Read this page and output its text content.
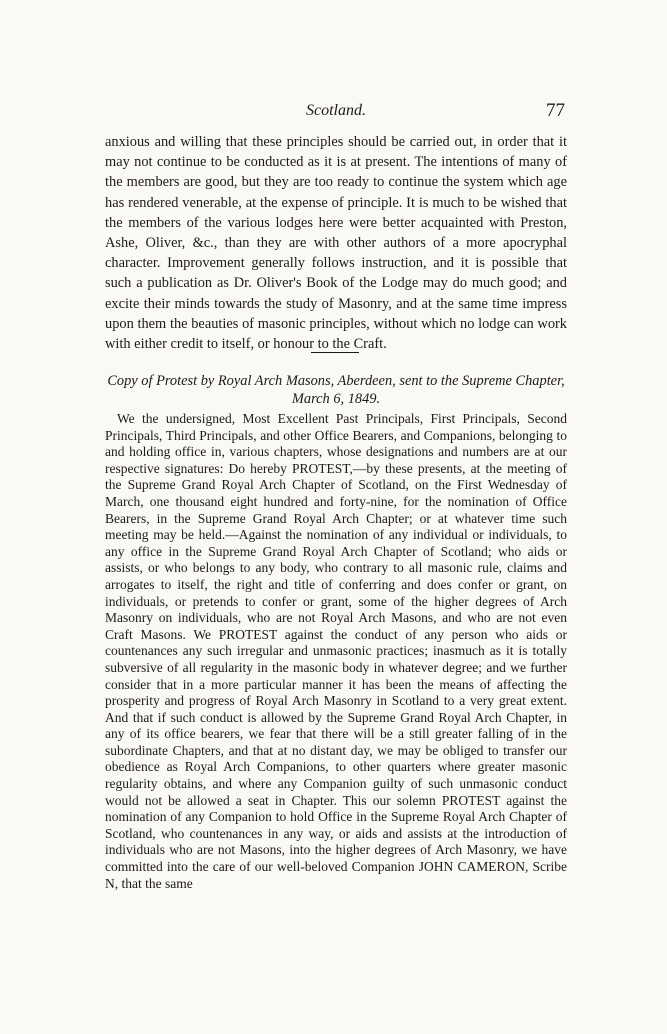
Scotland.	77

anxious and willing that these principles should be carried out, in order that it may not continue to be conducted as it is at present. The intentions of many of the members are good, but they are too ready to continue the system which age has rendered venerable, at the expense of principle. It is much to be wished that the members of the various lodges here were better acquainted with Preston, Ashe, Oliver, &c., than they are with other authors of a more apocryphal character. Improvement generally follows instruction, and it is possible that such a publication as Dr. Oliver's Book of the Lodge may do much good; and excite their minds towards the study of Masonry, and at the same time impress upon them the beauties of masonic principles, without which no lodge can work with either credit to itself, or honour to the Craft.

Copy of Protest by Royal Arch Masons, Aberdeen, sent to the Supreme Chapter, March 6, 1849.

We the undersigned, Most Excellent Past Principals, First Principals, Second Principals, Third Principals, and other Office Bearers, and Companions, belonging to and holding office in, various chapters, whose designations and numbers are at our respective signatures: Do hereby PROTEST,—by these presents, at the meeting of the Supreme Grand Royal Arch Chapter of Scotland, on the First Wednesday of March, one thousand eight hundred and forty-nine, for the nomination of Office Bearers, in the Supreme Grand Royal Arch Chapter; or at whatever time such meeting may be held.—Against the nomination of any individual or individuals, to any office in the Supreme Grand Royal Arch Chapter of Scotland; who aids or assists, or who belongs to any body, who contrary to all masonic rule, claims and arrogates to itself, the right and title of conferring and does confer or grant, on individuals, or pretends to confer or grant, some of the higher degrees of Arch Masonry on individuals, who are not Royal Arch Masons, and who are not even Craft Masons. We PROTEST against the conduct of any person who aids or countenances any such irregular and unmasonic practices; inasmuch as it is totally subversive of all regularity in the masonic body in whatever degree; and we further consider that in a more particular manner it has been the means of affecting the prosperity and progress of Royal Arch Masonry in Scotland to a very great extent. And that if such conduct is allowed by the Supreme Grand Royal Arch Chapter, in any of its office bearers, we fear that there will be a still greater falling of in the subordinate Chapters, and that at no distant day, we may be obliged to transfer our obedience as Royal Arch Companions, to other quarters where greater masonic regularity obtains, and where any Companion guilty of such unmasonic conduct would not be allowed a seat in Chapter. This our solemn PROTEST against the nomination of any Companion to hold Office in the Supreme Royal Arch Chapter of Scotland, who countenances in any way, or aids and assists at the introduction of individuals who are not Masons, into the higher degrees of Arch Masonry, we have committed into the care of our well-beloved Companion JOHN CAMERON, Scribe N, that the same
